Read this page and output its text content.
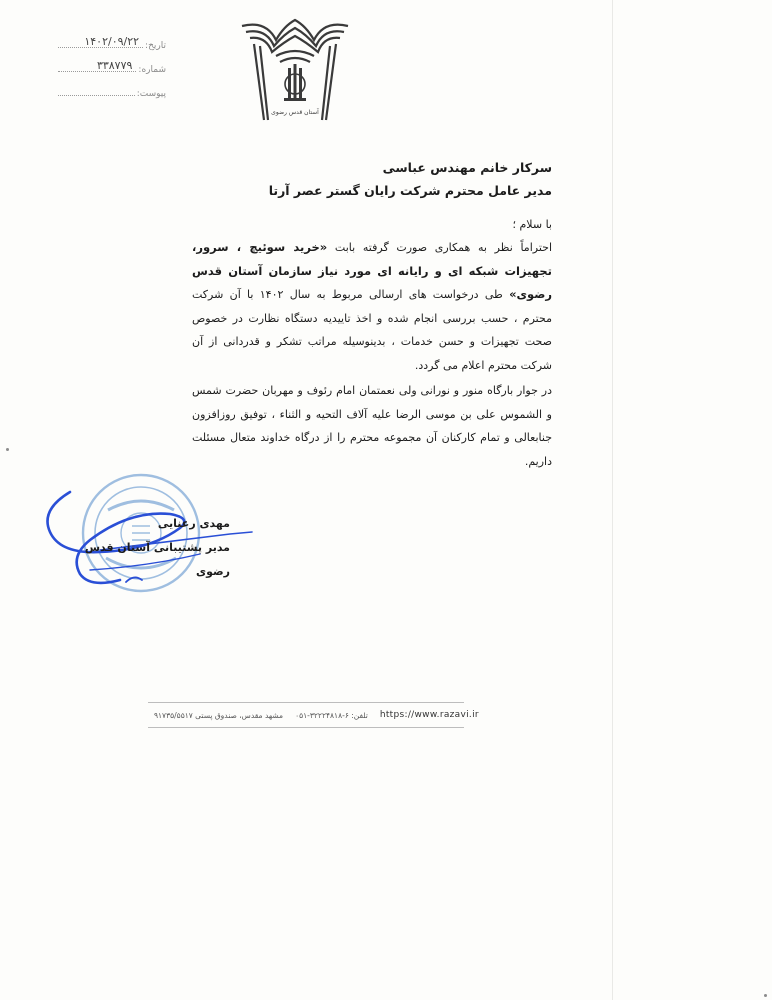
تاریخ:
۱۴۰۲/۰۹/۲۲
شماره:
۳۳۸۷۷۹
پیوست:
آستان قدس رضوی
سرکار خانم مهندس عباسی
مدیر عامل محترم شرکت رایان گستر عصر آرتا
با سلام ؛
احتراماً نظر به همکاری صورت گرفته بابت «خرید سوئیچ ، سرور، تجهیزات شبکه ای و رایانه ای مورد نیاز سازمان آستان قدس رضوی» طی درخواست های ارسالی مربوط به سال ۱۴۰۲ با آن شرکت محترم ، حسب بررسی انجام شده و اخذ تاییدیه دستگاه نظارت در خصوص صحت تجهیزات و حسن خدمات ، بدینوسیله مراتب تشکر و قدردانی از آن شرکت محترم اعلام می گردد.
در جوار بارگاه منور و نورانی ولی نعمتمان امام رئوف و مهربان حضرت شمس و الشموس علی بن موسی الرضا علیه آلاف التحیه و الثناء ، توفیق روزافزون جنابعالی و تمام کارکنان آن مجموعه محترم را از درگاه خداوند متعال مسئلت داریم.
مهدی رعنایی
مدیر پشتیبانی آستان قدس رضوی
مشهد مقدس، صندوق پستی ۹۱۷۳۵/۵۵۱۷	تلفن: ۶-۳۲۲۲۴۸۱۸-۰۵۱	https://www.razavi.ir
